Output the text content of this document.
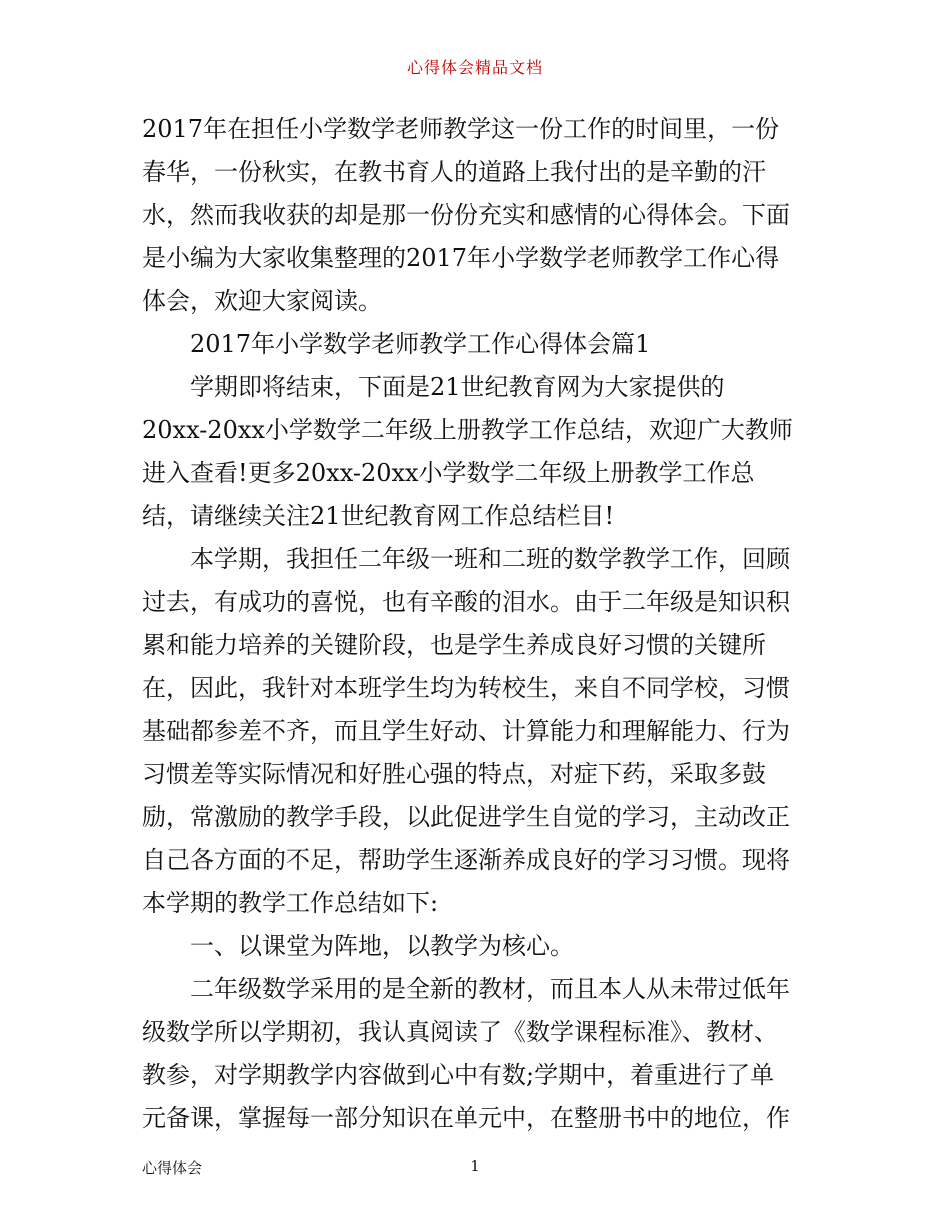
心得体会精品文档
2017年在担任小学数学老师教学这一份工作的时间里，一份
春华，一份秋实，在教书育人的道路上我付出的是辛勤的汗
水，然而我收获的却是那一份份充实和感情的心得体会。下面
是小编为大家收集整理的2017年小学数学老师教学工作心得
体会，欢迎大家阅读。
2017年小学数学老师教学工作心得体会篇1
学期即将结束，下面是21世纪教育网为大家提供的
20xx-20xx小学数学二年级上册教学工作总结，欢迎广大教师
进入查看!更多20xx-20xx小学数学二年级上册教学工作总
结，请继续关注21世纪教育网工作总结栏目!
本学期，我担任二年级一班和二班的数学教学工作，回顾
过去，有成功的喜悦，也有辛酸的泪水。由于二年级是知识积
累和能力培养的关键阶段，也是学生养成良好习惯的关键所
在，因此，我针对本班学生均为转校生，来自不同学校，习惯
基础都参差不齐，而且学生好动、计算能力和理解能力、行为
习惯差等实际情况和好胜心强的特点，对症下药，采取多鼓
励，常激励的教学手段，以此促进学生自觉的学习，主动改正
自己各方面的不足，帮助学生逐渐养成良好的学习习惯。现将
本学期的教学工作总结如下:
一、以课堂为阵地，以教学为核心。
二年级数学采用的是全新的教材，而且本人从未带过低年
级数学所以学期初，我认真阅读了《数学课程标准》、教材、
教参，对学期教学内容做到心中有数;学期中，着重进行了单
元备课，掌握每一部分知识在单元中，在整册书中的地位，作
心得体会	1
